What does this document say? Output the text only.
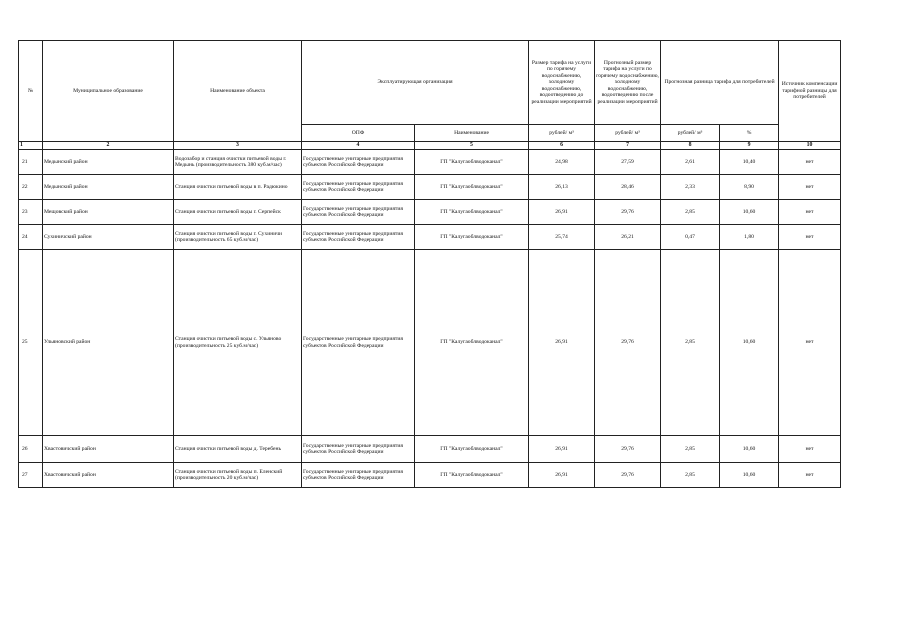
№	Муниципальное образование	Наименование объекта	Эксплуатирующая организация		Размер тарифа на услуги по горячему водоснабжению, холодному водоснабжению, водоотведению до реализации мероприятий	Прогнозный размер тарифа на услуги по горячему водоснабжению, холодному водоснабжению, водоотведению после реализации мероприятий	Прогнозная разница тарифа для потребителей		Источник компенсации тарифной разницы для потребителей
			ОПФ	Наименование	рублей/ м³	рублей/ м³	рублей/ м³	%	
1	2	3	4	5	6	7	8	9	10
21	Медынский район	Водозабор и станция очистки питьевой воды г. Медынь (производительность 380 куб.м/час)	Государственные унитарные предприятия субъектов Российской Федерации	ГП "Калугаоблводоканал"	24,98	27,59	2,61	10,40	нет
22	Медынский район	Станция очистки питьевой воды в п. Радюкино	Государственные унитарные предприятия субъектов Российской Федерации	ГП "Калугаоблводоканал"	26,13	28,46	2,33	8,90	нет
23	Мещовский район	Станция очистки питьевой воды г. Серпейск	Государственные унитарные предприятия субъектов Российской Федерации	ГП "Калугаоблводоканал"	26,91	29,76	2,85	10,60	нет
24	Сухиничский район	Станция очистки питьевой воды г. Сухиничи (производительность 65 куб.м/час)	Государственные унитарные предприятия субъектов Российской Федерации	ГП "Калугаоблводоканал"	25,74	26,21	0,47	1,80	нет
25	Ульяновский район	Станция очистки питьевой воды с. Ульяново (производительность 25 куб.м/час)	Государственные унитарные предприятия субъектов Российской Федерации	ГП "Калугаоблводоканал"	26,91	29,76	2,85	10,60	нет
26	Хвастовичский район	Станция очистки питьевой воды д. Теребень	Государственные унитарные предприятия субъектов Российской Федерации	ГП "Калугаоблводоканал"	26,91	29,76	2,85	10,60	нет
27	Хвастовичский район	Станция очистки питьевой воды п. Еленский (производительность 20 куб.м/час)	Государственные унитарные предприятия субъектов Российской Федерации	ГП "Калугаоблводоканал"	26,91	29,76	2,85	10,60	нет
